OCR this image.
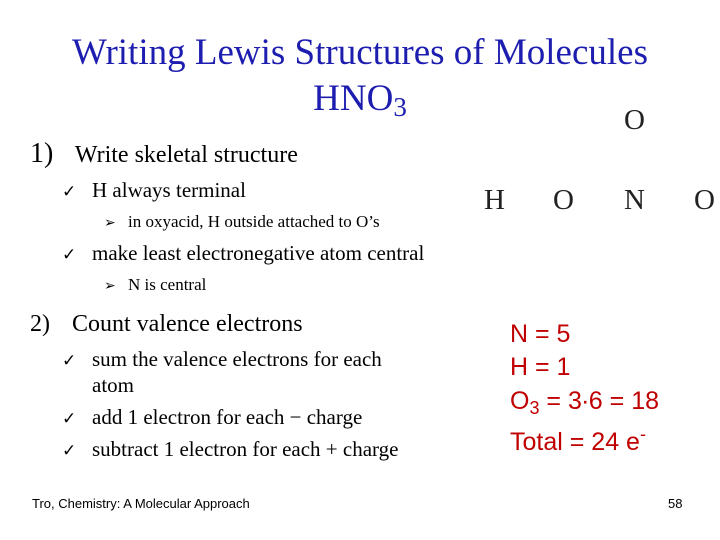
Writing Lewis Structures of Molecules
$HNO_3$
1) Write skeletal structure
✓ H always terminal
➢ in oxyacid, H outside attached to O’s
✓ make least electronegative atom central
➢ N is central
O
H O N O
2) Count valence electrons
✓ sum the valence electrons for each
atom
✓ add 1 electron for each − charge
✓ subtract 1 electron for each + charge
N = 5
H = 1
$O_3 = 3\cdot 6 = 18$
Total = 24 e-
Tro, Chemistry: A Molecular Approach	58
